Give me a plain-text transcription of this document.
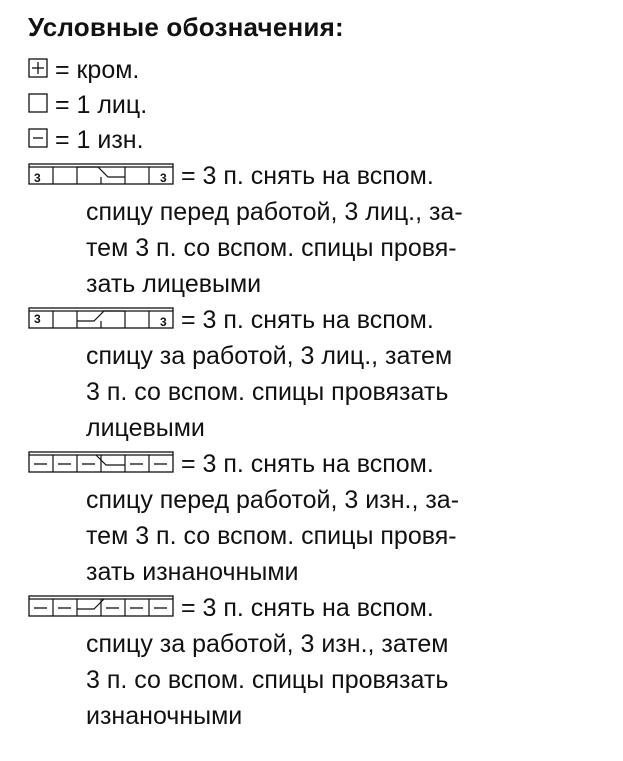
Условные обозначения:
= кром.
= 1 лиц.
= 1 изн.
3	3 = 3 п. снять на вспом.
спицу перед работой, 3 лиц., за-
тем 3 п. со вспом. спицы провя-
зать лицевыми
3	3 = 3 п. снять на вспом.
спицу за работой, 3 лиц., затем
3 п. со вспом. спицы провязать
лицевыми
= 3 п. снять на вспом.
спицу перед работой, 3 изн., за-
тем 3 п. со вспом. спицы провя-
зать изнаночными
= 3 п. снять на вспом.
спицу за работой, 3 изн., затем
3 п. со вспом. спицы провязать
изнаночными
